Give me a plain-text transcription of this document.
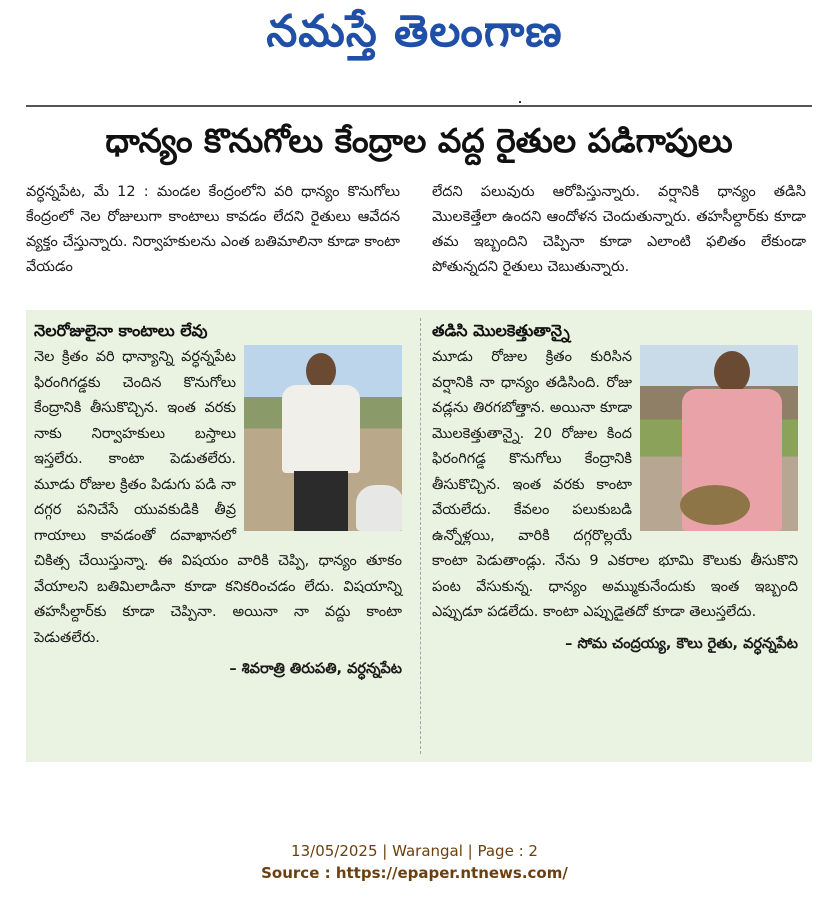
నమస్తే తెలంగాణ
ధాన్యం కొనుగోలు కేంద్రాల వద్ద రైతుల పడిగాపులు
వర్ధన్నపేట, మే 12 : మండల కేంద్రంలోని వరి ధాన్యం కొనుగోలు కేంద్రంలో నెల రోజులుగా కాంటాలు కావడం లేదని రైతులు ఆవేదన వ్యక్తం చేస్తున్నారు. నిర్వాహకులను ఎంత బతిమాలినా కూడా కాంటా వేయడం
లేదని పలువురు ఆరోపిస్తున్నారు. వర్షానికి ధాన్యం తడిసి మొలకెత్తేలా ఉందని ఆందోళన చెందుతున్నారు. తహసీల్దార్‌కు కూడా తమ ఇబ్బందిని చెప్పినా కూడా ఎలాంటి ఫలితం లేకుండా పోతున్నదని రైతులు చెబుతున్నారు.
నెలరోజులైనా కాంటాలు లేవు
నెల క్రితం వరి ధాన్యాన్ని వర్ధన్నపేట ఫిరంగిగడ్డకు చెందిన కొనుగోలు కేంద్రానికి తీసుకొచ్చిన. ఇంత వరకు నాకు నిర్వాహకులు బస్తాలు ఇస్తలేరు. కాంటా పెడుతలేరు. మూడు రోజుల క్రితం పిడుగు పడి నా దగ్గర పనిచేసే యువకుడికి తీవ్ర గాయాలు కావడంతో దవాఖానలో చికిత్స చేయిస్తున్నా. ఈ విషయం వారికి చెప్పి, ధాన్యం తూకం వేయాలని బతిమిలాడినా కూడా కనికరించడం లేదు. విషయాన్ని తహసీల్దార్‌కు కూడా చెప్పినా. అయినా నా వద్దు కాంటా పెడుతలేరు.
– శివరాత్రి తిరుపతి, వర్ధన్నపేట
తడిసి మొలకెత్తుతాన్నై
మూడు రోజుల క్రితం కురిసిన వర్షానికి నా ధాన్యం తడిసింది. రోజు వడ్లను తిరగబోత్తాన. అయినా కూడా మొలకెత్తుతాన్నై. 20 రోజుల కింద ఫిరంగిగడ్డ కొనుగోలు కేంద్రానికి తీసుకొచ్చిన. ఇంత వరకు కాంటా వేయలేదు. కేవలం పలుకుబడి ఉన్నోళ్లయి, వారికి దగ్గరొల్లయే కాంటా పెడుతాండ్లు. నేను 9 ఎకరాల భూమి కౌలుకు తీసుకొని పంట వేసుకున్న. ధాన్యం అమ్ముకునేందుకు ఇంత ఇబ్బంది ఎప్పుడూ పడలేదు. కాంటా ఎప్పుడైతదో కూడా తెలుస్తలేదు.
– సోమ చంద్రయ్య, కౌలు రైతు, వర్ధన్నపేట
13/05/2025 | Warangal | Page : 2
Source : https://epaper.ntnews.com/
